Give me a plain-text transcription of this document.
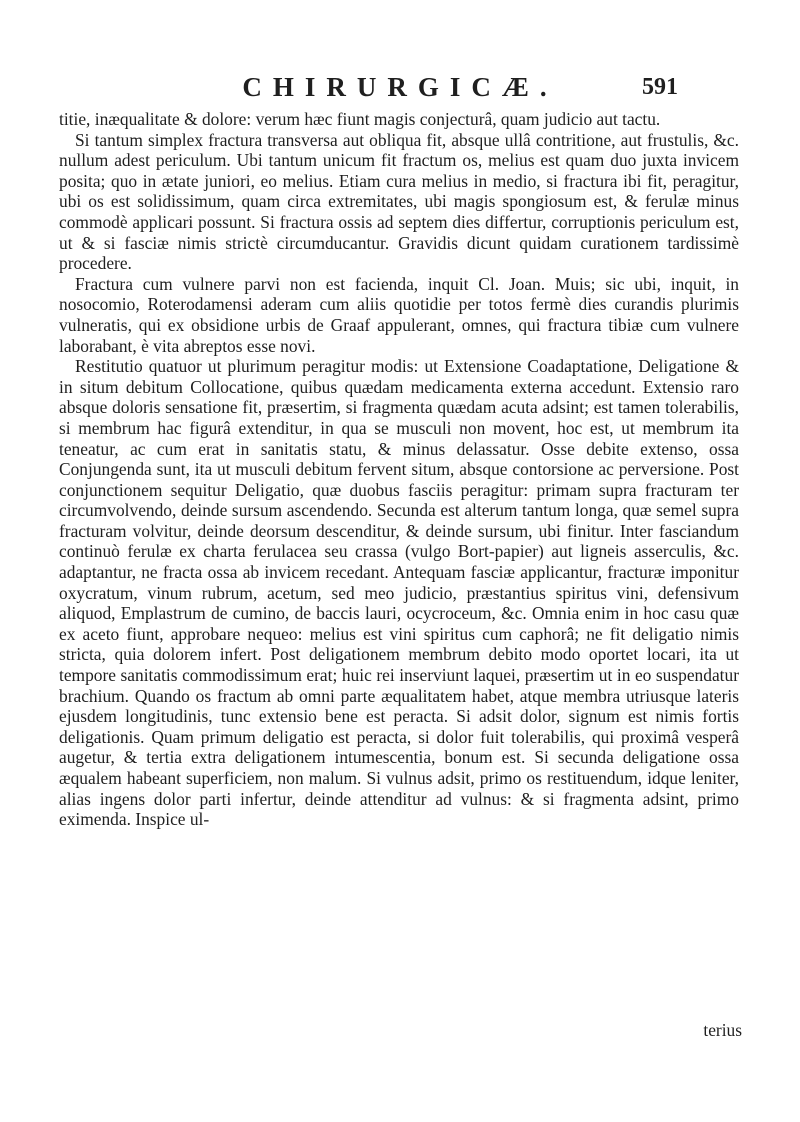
CHIRURGICÆ.	591

titie, inæqualitate & dolore: verum hæc fiunt magis conjecturâ, quam judicio aut tactu.

Si tantum simplex fractura transversa aut obliqua fit, absque ullâ contritione, aut frustulis, &c. nullum adest periculum. Ubi tantum unicum fit fractum os, melius est quam duo juxta invicem posita; quo in ætate juniori, eo melius. Etiam cura melius in medio, si fractura ibi fit, peragitur, ubi os est solidissimum, quam circa extremitates, ubi magis spongiosum est, & ferulæ minus commodè applicari possunt. Si fractura ossis ad septem dies differtur, corruptionis periculum est, ut & si fasciæ nimis strictè circumducantur. Gravidis dicunt quidam curationem tardissimè procedere.

Fractura cum vulnere parvi non est facienda, inquit Cl. Joan. Muis; sic ubi, inquit, in nosocomio, Roterodamensi aderam cum aliis quotidie per totos fermè dies curandis plurimis vulneratis, qui ex obsidione urbis de Graaf appulerant, omnes, qui fractura tibiæ cum vulnere laborabant, è vita abreptos esse novi.

Restitutio quatuor ut plurimum peragitur modis: ut Extensione Coadaptatione, Deligatione & in situm debitum Collocatione, quibus quædam medicamenta externa accedunt. Extensio raro absque doloris sensatione fit, præsertim, si fragmenta quædam acuta adsint; est tamen tolerabilis, si membrum hac figurâ extenditur, in qua se musculi non movent, hoc est, ut membrum ita teneatur, ac cum erat in sanitatis statu, & minus delassatur. Osse debite extenso, ossa Conjungenda sunt, ita ut musculi debitum fervent situm, absque contorsione ac perversione. Post conjunctionem sequitur Deligatio, quæ duobus fasciis peragitur: primam supra fracturam ter circumvolvendo, deinde sursum ascendendo. Secunda est alterum tantum longa, quæ semel supra fracturam volvitur, deinde deorsum descenditur, & deinde sursum, ubi finitur. Inter fasciandum continuò ferulæ ex charta ferulacea seu crassa (vulgo Bort-papier) aut ligneis asserculis, &c. adaptantur, ne fracta ossa ab invicem recedant. Antequam fasciæ applicantur, fracturæ imponitur oxycratum, vinum rubrum, acetum, sed meo judicio, præstantius spiritus vini, defensivum aliquod, Emplastrum de cumino, de baccis lauri, ocycroceum, &c. Omnia enim in hoc casu quæ ex aceto fiunt, approbare nequeo: melius est vini spiritus cum caphorâ; ne fit deligatio nimis stricta, quia dolorem infert. Post deligationem membrum debito modo oportet locari, ita ut tempore sanitatis commodissimum erat; huic rei inserviunt laquei, præsertim ut in eo suspendatur brachium. Quando os fractum ab omni parte æqualitatem habet, atque membra utriusque lateris ejusdem longitudinis, tunc extensio bene est peracta. Si adsit dolor, signum est nimis fortis deligationis. Quam primum deligatio est peracta, si dolor fuit tolerabilis, qui proximâ vesperâ augetur, & tertia extra deligationem intumescentia, bonum est. Si secunda deligatione ossa æqualem habeant superficiem, non malum. Si vulnus adsit, primo os restituendum, idque leniter, alias ingens dolor parti infertur, deinde attenditur ad vulnus: & si fragmenta adsint, primo eximenda. Inspice ul-

terius
